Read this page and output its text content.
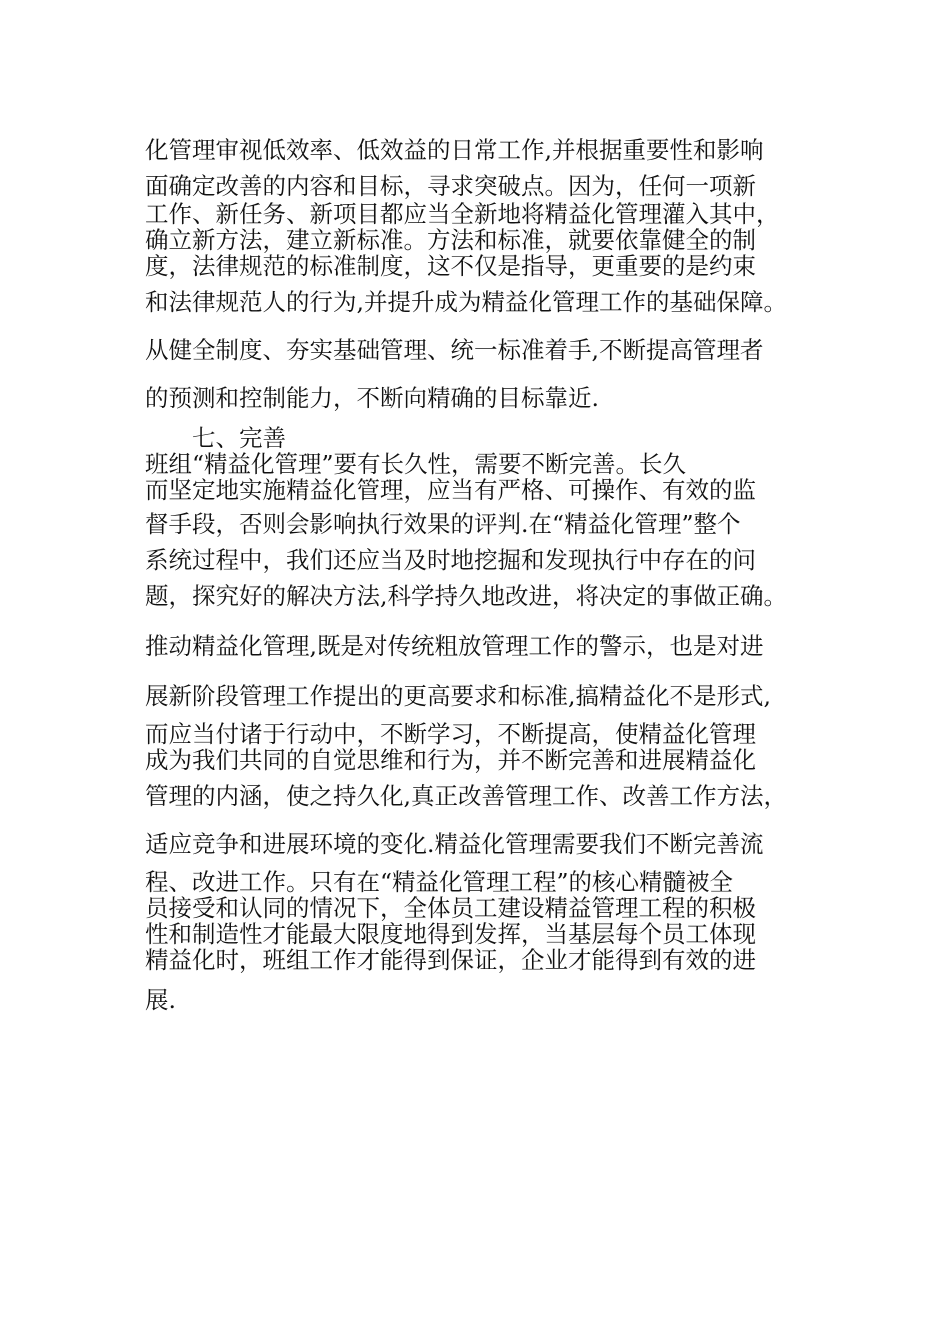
化管理审视低效率、低效益的日常工作,并根据重要性和影响

面确定改善的内容和目标，寻求突破点。因为，任何一项新

工作、新任务、新项目都应当全新地将精益化管理灌入其中，

确立新方法，建立新标准。方法和标准，就要依靠健全的制

度，法律规范的标准制度，这不仅是指导，更重要的是约束

和法律规范人的行为,并提升成为精益化管理工作的基础保障。

从健全制度、夯实基础管理、统一标准着手,不断提高管理者

的预测和控制能力，不断向精确的目标靠近.

七、完善

班组“精益化管理”要有长久性，需要不断完善。长久

而坚定地实施精益化管理，应当有严格、可操作、有效的监

督手段，否则会影响执行效果的评判.在“精益化管理”整个

系统过程中，我们还应当及时地挖掘和发现执行中存在的问

题，探究好的解决方法,科学持久地改进，将决定的事做正确。

推动精益化管理,既是对传统粗放管理工作的警示，也是对进

展新阶段管理工作提出的更高要求和标准,搞精益化不是形式,

而应当付诸于行动中，不断学习，不断提高，使精益化管理

成为我们共同的自觉思维和行为，并不断完善和进展精益化

管理的内涵，使之持久化,真正改善管理工作、改善工作方法，

适应竞争和进展环境的变化.精益化管理需要我们不断完善流

程、改进工作。只有在“精益化管理工程”的核心精髓被全

员接受和认同的情况下，全体员工建设精益管理工程的积极

性和制造性才能最大限度地得到发挥，当基层每个员工体现

精益化时，班组工作才能得到保证，企业才能得到有效的进

展.
